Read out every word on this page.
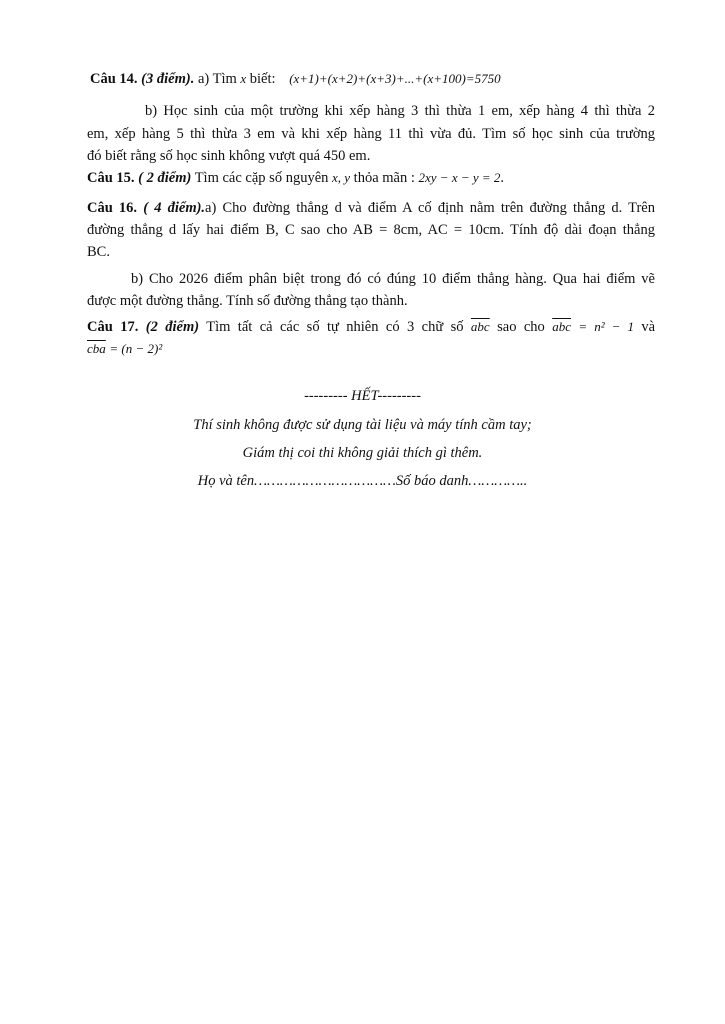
Câu 14. (3 điểm). a) Tìm x biết: (x+1)+(x+2)+(x+3)+...+(x+100)=5750
b) Học sinh của một trường khi xếp hàng 3 thì thừa 1 em, xếp hàng 4 thì thừa 2
em, xếp hàng 5 thì thừa 3 em và khi xếp hàng 11 thì vừa đủ. Tìm số học sinh của trường
đó biết rằng số học sinh không vượt quá 450 em.
Câu 15. ( 2 điểm) Tìm các cặp số nguyên x, y thỏa mãn : 2xy − x − y = 2.
Câu 16. ( 4 điểm).a) Cho đường thẳng d và điểm A cố định nằm trên đường thẳng d. Trên
đường thẳng d lấy hai điểm B, C sao cho AB = 8cm, AC = 10cm. Tính độ dài đoạn thẳng
BC.
b) Cho 2026 điểm phân biệt trong đó có đúng 10 điểm thẳng hàng. Qua hai điểm vẽ
được một đường thẳng. Tính số đường thẳng tạo thành.
Câu 17. (2 điểm) Tìm tất cả các số tự nhiên có 3 chữ số $\overline{abc}$ sao cho $\overline{abc} = n^2 - 1$ và
$\overline{cba} = (n - 2)^2$
--------- HẾT---------
Thí sinh không được sử dụng tài liệu và máy tính cầm tay;
Giám thị coi thi không giải thích gì thêm.
Họ và tên……………………………Số báo danh…………..
